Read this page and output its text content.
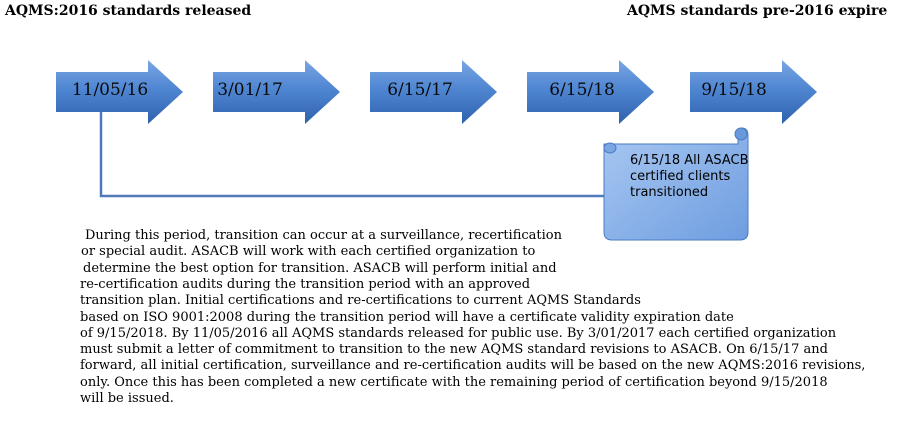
AQMS:2016 standards released	AQMS standards pre-2016 expire
11/05/16	3/01/17	6/15/17	6/15/18	9/15/18
6/15/18 All ASACB certified clients transitioned
During this period, transition can occur at a surveillance, recertification
or special audit. ASACB will work with each certified organization to
determine the best option for transition. ASACB will perform initial and
re-certification audits during the transition period with an approved
transition plan. Initial certifications and re-certifications to current AQMS Standards
based on ISO 9001:2008 during the transition period will have a certificate validity expiration date
of 9/15/2018. By 11/05/2016 all AQMS standards released for public use. By 3/01/2017 each certified organization
must submit a letter of commitment to transition to the new AQMS standard revisions to ASACB. On 6/15/17 and
forward, all initial certification, surveillance and re-certification audits will be based on the new AQMS:2016 revisions,
only. Once this has been completed a new certificate with the remaining period of certification beyond 9/15/2018
will be issued.
